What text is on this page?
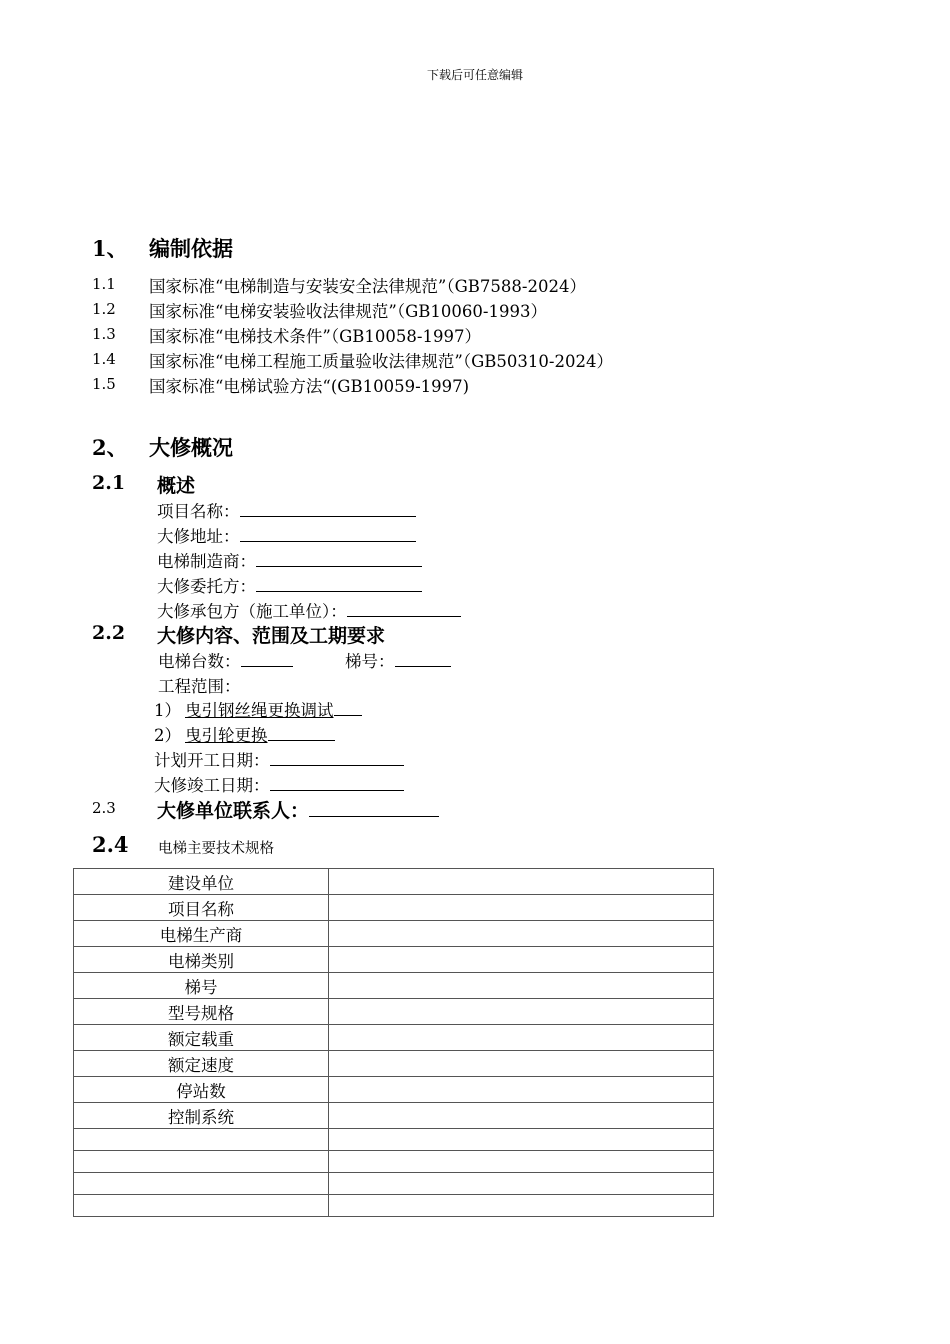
下载后可任意编辑
1、 编制依据
1.1 国家标准“电梯制造与安装安全法律规范”（GB7588-2024）
1.2 国家标准“电梯安装验收法律规范”（GB10060-1993）
1.3 国家标准“电梯技术条件”（GB10058-1997）
1.4 国家标准“电梯工程施工质量验收法律规范”（GB50310-2024）
1.5 国家标准“电梯试验方法“(GB10059-1997)
2、 大修概况
2.1 概述
项目名称：
大修地址：
电梯制造商：
大修委托方：
大修承包方（施工单位）：
2.2 大修内容、范围及工期要求
电梯台数：	梯号：
工程范围：
1） 曳引钢丝绳更换调试
2） 曳引轮更换
计划开工日期：
大修竣工日期：
2.3 大修单位联系人：
2.4 电梯主要技术规格
建设单位	
项目名称	
电梯生产商	
电梯类别	
梯号	
型号规格	
额定载重	
额定速度	
停站数	
控制系统	
